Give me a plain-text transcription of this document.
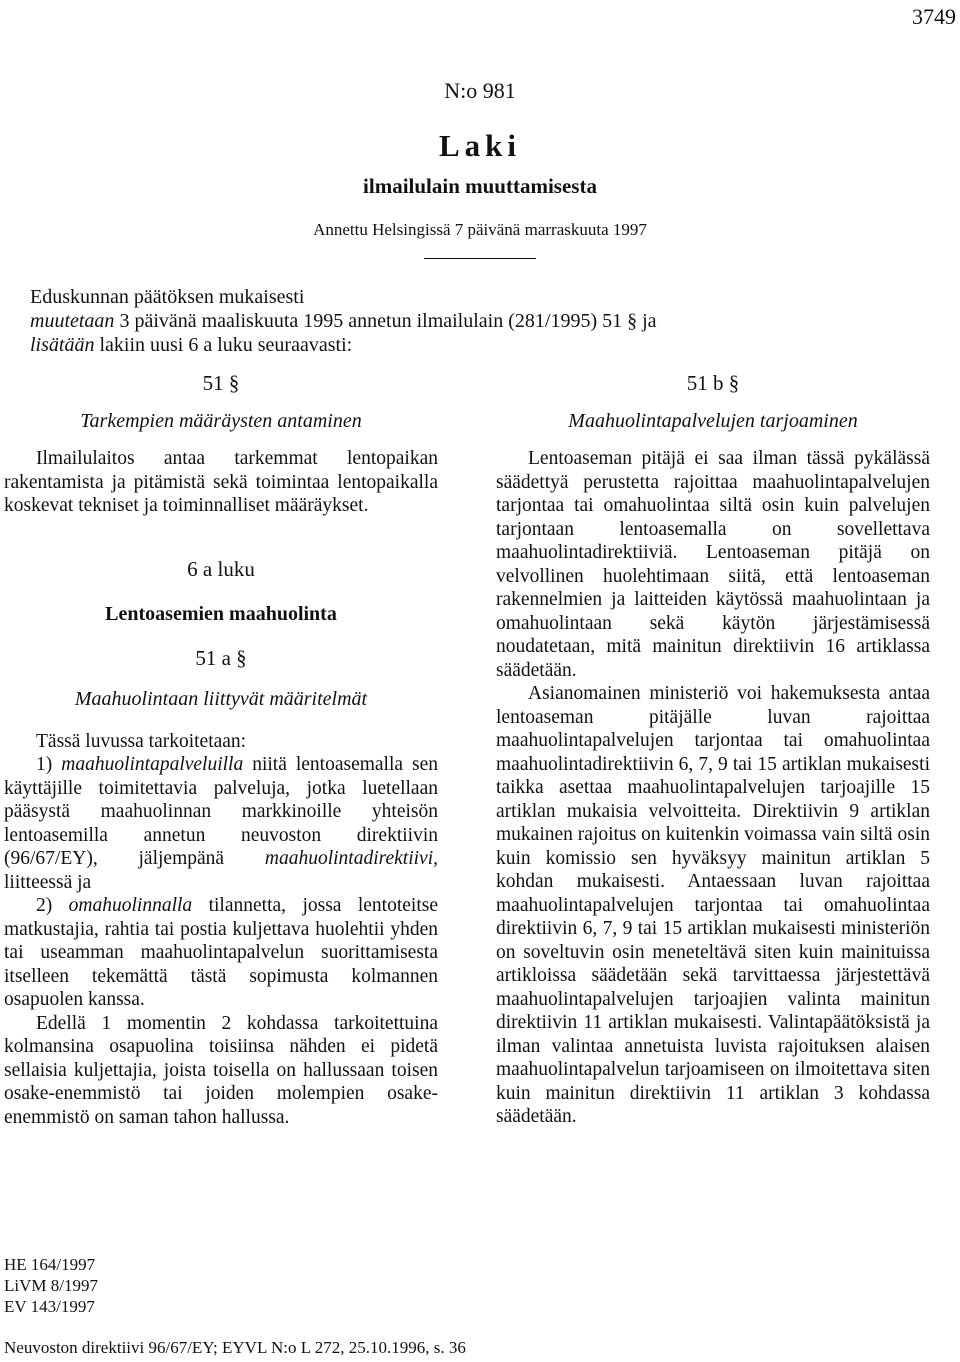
3749
N:o 981
Laki
ilmailulain muuttamisesta
Annettu Helsingissä 7 päivänä marraskuuta 1997
Eduskunnan päätöksen mukaisesti
muutetaan 3 päivänä maaliskuuta 1995 annetun ilmailulain (281/1995) 51 § ja
lisätään lakiin uusi 6 a luku seuraavasti:
51 §
Tarkempien määräysten antaminen

Ilmailulaitos antaa tarkemmat lentopaikan rakentamista ja pitämistä sekä toimintaa lentopaikalla koskevat tekniset ja toiminnalliset määräykset.

6 a luku
Lentoasemien maahuolinta
51 a §
Maahuolintaan liittyvät määritelmät

Tässä luvussa tarkoitetaan:

1) maahuolintapalveluilla niitä lentoasemalla sen käyttäjille toimitettavia palveluja, jotka luetellaan pääsystä maahuolinnan markkinoille yhteisön lentoasemilla annetun neuvoston direktiivin (96/67/EY), jäljempänä maahuolintadirektiivi, liitteessä ja

2) omahuolinnalla tilannetta, jossa lentoteitse matkustajia, rahtia tai postia kuljettava huolehtii yhden tai useamman maahuolintapalvelun suorittamisesta itselleen tekemättä tästä sopimusta kolmannen osapuolen kanssa.

Edellä 1 momentin 2 kohdassa tarkoitettuina kolmansina osapuolina toisiinsa nähden ei pidetä sellaisia kuljettajia, joista toisella on hallussaan toisen osake-enemmistö tai joiden molempien osake-enemmistö on saman tahon hallussa.

51 b §
Maahuolintapalvelujen tarjoaminen

Lentoaseman pitäjä ei saa ilman tässä pykälässä säädettyä perustetta rajoittaa maahuolintapalvelujen tarjontaa tai omahuolintaa siltä osin kuin palvelujen tarjontaan lentoasemalla on sovellettava maahuolintadirektiiviä. Lentoaseman pitäjä on velvollinen huolehtimaan siitä, että lentoaseman rakennelmien ja laitteiden käytössä maahuolintaan ja omahuolintaan sekä käytön järjestämisessä noudatetaan, mitä mainitun direktiivin 16 artiklassa säädetään.

Asianomainen ministeriö voi hakemuksesta antaa lentoaseman pitäjälle luvan rajoittaa maahuolintapalvelujen tarjontaa tai omahuolintaa maahuolintadirektiivin 6, 7, 9 tai 15 artiklan mukaisesti taikka asettaa maahuolintapalvelujen tarjoajille 15 artiklan mukaisia velvoitteita. Direktiivin 9 artiklan mukainen rajoitus on kuitenkin voimassa vain siltä osin kuin komissio sen hyväksyy mainitun artiklan 5 kohdan mukaisesti. Antaessaan luvan rajoittaa maahuolintapalvelujen tarjontaa tai omahuolintaa direktiivin 6, 7, 9 tai 15 artiklan mukaisesti ministeriön on soveltuvin osin meneteltävä siten kuin mainituissa artikloissa säädetään sekä tarvittaessa järjestettävä maahuolintapalvelujen tarjoajien valinta mainitun direktiivin 11 artiklan mukaisesti. Valintapäätöksistä ja ilman valintaa annetuista luvista rajoituksen alaisen maahuolintapalvelun tarjoamiseen on ilmoitettava siten kuin mainitun direktiivin 11 artiklan 3 kohdassa säädetään.

HE 164/1997
LiVM 8/1997
EV 143/1997
Neuvoston direktiivi 96/67/EY; EYVL N:o L 272, 25.10.1996, s. 36
